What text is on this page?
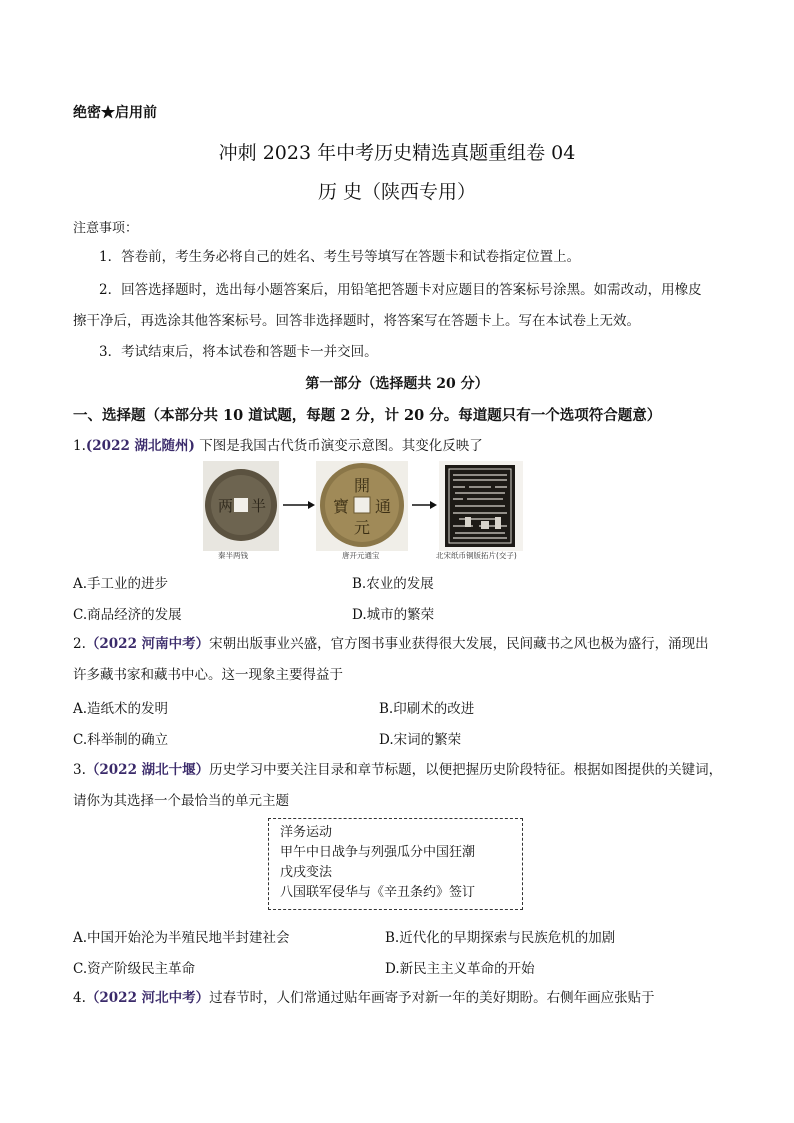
绝密★启用前
冲刺 2023 年中考历史精选真题重组卷 04
历 史（陕西专用）
注意事项：
1．答卷前，考生务必将自己的姓名、考生号等填写在答题卡和试卷指定位置上。
2．回答选择题时，选出每小题答案后，用铅笔把答题卡对应题目的答案标号涂黑。如需改动，用橡皮
擦干净后，再选涂其他答案标号。回答非选择题时，将答案写在答题卡上。写在本试卷上无效。
3．考试结束后，将本试卷和答题卡一并交回。
第一部分（选择题共 20 分）
一、选择题（本部分共 10 道试题，每题 2 分，计 20 分。每道题只有一个选项符合题意）
1.(2022 湖北随州) 下图是我国古代货币演变示意图。其变化反映了
两 半
開
元
通
寶
秦半两钱	唐开元通宝	北宋纸币铜版拓片(交子)
A.手工业的进步	B.农业的发展
C.商品经济的发展	D.城市的繁荣
2.（2022 河南中考）宋朝出版事业兴盛，官方图书事业获得很大发展，民间藏书之风也极为盛行，涌现出
许多藏书家和藏书中心。这一现象主要得益于
A.造纸术的发明	B.印刷术的改进
C.科举制的确立	D.宋词的繁荣
3.（2022 湖北十堰）历史学习中要关注目录和章节标题，以便把握历史阶段特征。根据如图提供的关键词，
请你为其选择一个最恰当的单元主题
洋务运动
甲午中日战争与列强瓜分中国狂潮
戊戌变法
八国联军侵华与《辛丑条约》签订
A.中国开始沦为半殖民地半封建社会	B.近代化的早期探索与民族危机的加剧
C.资产阶级民主革命	D.新民主主义革命的开始
4.（2022 河北中考）过春节时，人们常通过贴年画寄予对新一年的美好期盼。右侧年画应张贴于
